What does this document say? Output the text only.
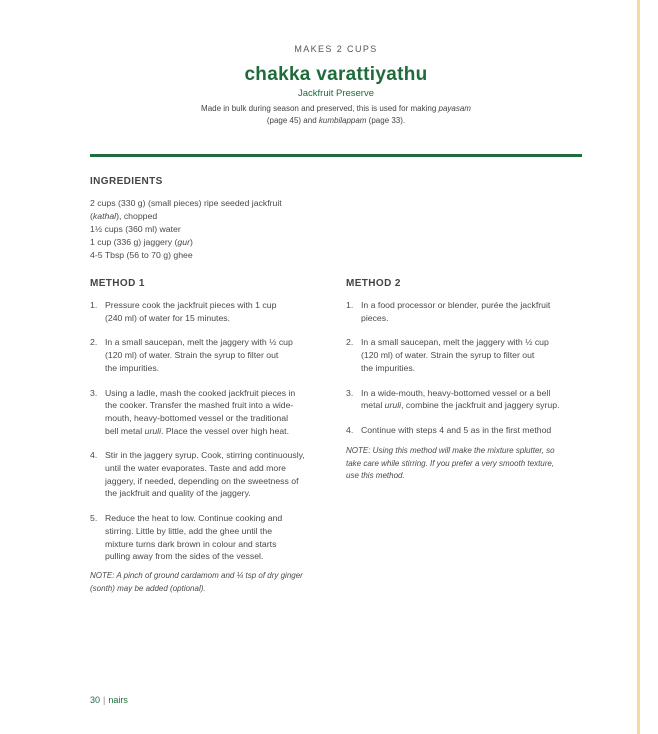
MAKES 2 CUPS
chakka varattiyathu
Jackfruit Preserve
Made in bulk during season and preserved, this is used for making payasam
(page 45) and kumbilappam (page 33).
INGREDIENTS
2 cups (330 g) (small pieces) ripe seeded jackfruit
(kathal), chopped
1½ cups (360 ml) water
1 cup (336 g) jaggery (gur)
4-5 Tbsp (56 to 70 g) ghee
METHOD 1
1. Pressure cook the jackfruit pieces with 1 cup
(240 ml) of water for 15 minutes.
2. In a small saucepan, melt the jaggery with ½ cup
(120 ml) of water. Strain the syrup to filter out
the impurities.
3. Using a ladle, mash the cooked jackfruit pieces in
the cooker. Transfer the mashed fruit into a wide-
mouth, heavy-bottomed vessel or the traditional
bell metal uruli. Place the vessel over high heat.
4. Stir in the jaggery syrup. Cook, stirring continuously,
until the water evaporates. Taste and add more
jaggery, if needed, depending on the sweetness of
the jackfruit and quality of the jaggery.
5. Reduce the heat to low. Continue cooking and
stirring. Little by little, add the ghee until the
mixture turns dark brown in colour and starts
pulling away from the sides of the vessel.
NOTE: A pinch of ground cardamom and ¼ tsp of dry ginger
(sonth) may be added (optional).
METHOD 2
1. In a food processor or blender, purée the jackfruit
pieces.
2. In a small saucepan, melt the jaggery with ½ cup
(120 ml) of water. Strain the syrup to filter out
the impurities.
3. In a wide-mouth, heavy-bottomed vessel or a bell
metal uruli, combine the jackfruit and jaggery syrup.
4. Continue with steps 4 and 5 as in the first method
NOTE: Using this method will make the mixture splutter, so
take care while stirring. If you prefer a very smooth texture,
use this method.
30 | nairs
